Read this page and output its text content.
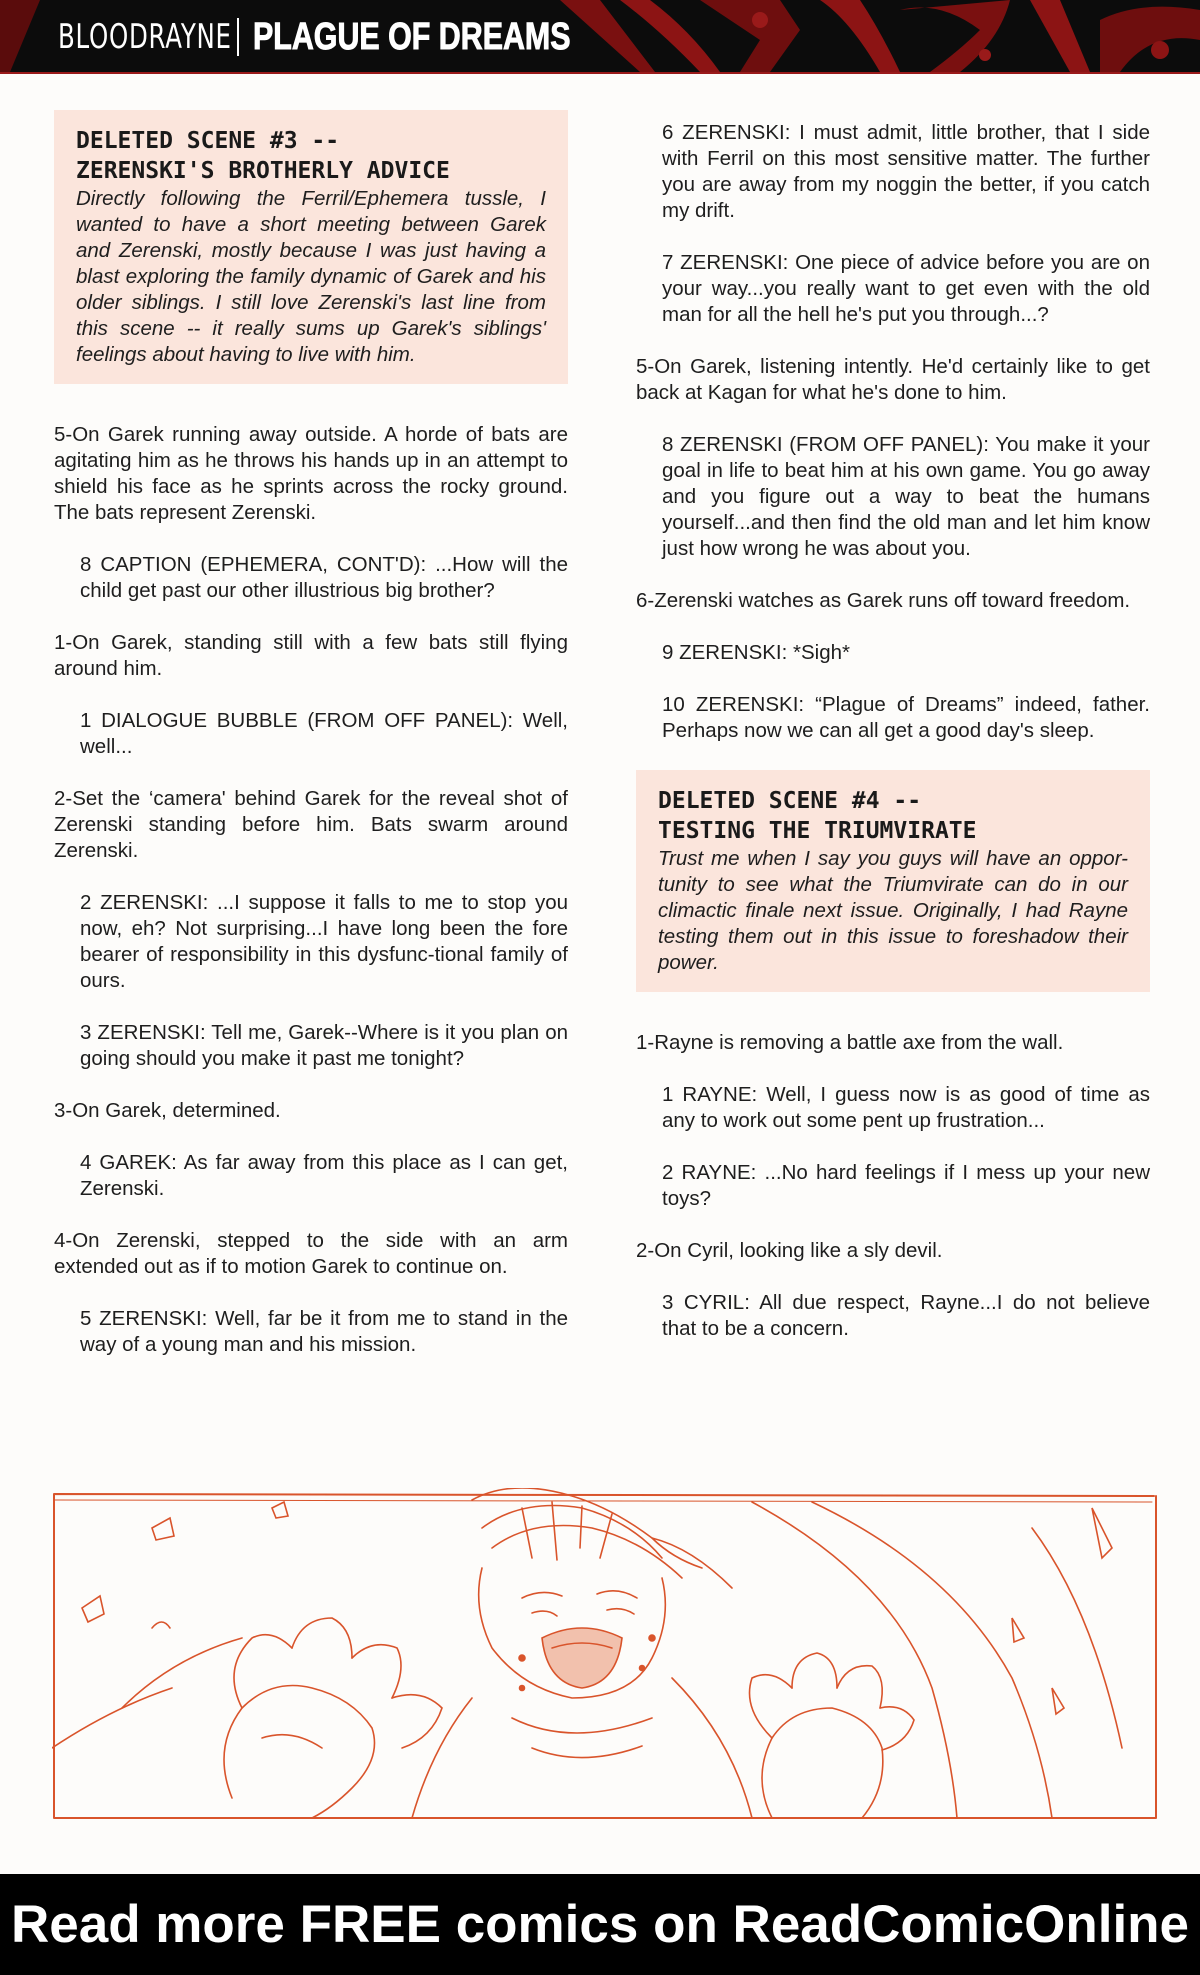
BLOODRAYNE PLAGUE OF DREAMS
DELETED SCENE #3 --
ZERENSKI'S BROTHERLY ADVICE
Directly following the Ferril/Ephemera tussle, I wanted to have a short meeting between Garek and Zerenski, mostly because I was just having a blast exploring the family dynamic of Garek and his older siblings. I still love Zerenski's last line from this scene -- it really sums up Garek's siblings' feelings about having to live with him.

5-On Garek running away outside. A horde of bats are agitating him as he throws his hands up in an attempt to shield his face as he sprints across the rocky ground. The bats represent Zerenski.

8 CAPTION (EPHEMERA, CONT'D): ...How will the child get past our other illustrious big brother?

1-On Garek, standing still with a few bats still flying around him.

1 DIALOGUE BUBBLE (FROM OFF PANEL): Well, well...

2-Set the ‘camera' behind Garek for the reveal shot of Zerenski standing before him. Bats swarm around Zerenski.

2 ZERENSKI: ...I suppose it falls to me to stop you now, eh? Not surprising...I have long been the fore bearer of responsibility in this dysfunc-tional family of ours.

3 ZERENSKI: Tell me, Garek--Where is it you plan on going should you make it past me tonight?

3-On Garek, determined.

4 GAREK: As far away from this place as I can get, Zerenski.

4-On Zerenski, stepped to the side with an arm extended out as if to motion Garek to continue on.

5 ZERENSKI: Well, far be it from me to stand in the way of a young man and his mission.

6 ZERENSKI: I must admit, little brother, that I side with Ferril on this most sensitive matter. The further you are away from my noggin the better, if you catch my drift.

7 ZERENSKI: One piece of advice before you are on your way...you really want to get even with the old man for all the hell he's put you through...?

5-On Garek, listening intently. He'd certainly like to get back at Kagan for what he's done to him.

8 ZERENSKI (FROM OFF PANEL): You make it your goal in life to beat him at his own game. You go away and you figure out a way to beat the humans yourself...and then find the old man and let him know just how wrong he was about you.

6-Zerenski watches as Garek runs off toward freedom.

9 ZERENSKI: *Sigh*

10 ZERENSKI: “Plague of Dreams” indeed, father. Perhaps now we can all get a good day's sleep.

DELETED SCENE #4 --
TESTING THE TRIUMVIRATE
Trust me when I say you guys will have an oppor-tunity to see what the Triumvirate can do in our climactic finale next issue. Originally, I had Rayne testing them out in this issue to foreshadow their power.

1-Rayne is removing a battle axe from the wall.

1 RAYNE: Well, I guess now is as good of time as any to work out some pent up frustration...

2 RAYNE: ...No hard feelings if I mess up your new toys?

2-On Cyril, looking like a sly devil.

3 CYRIL: All due respect, Rayne...I do not believe that to be a concern.

Read more FREE comics on ReadComicOnline
